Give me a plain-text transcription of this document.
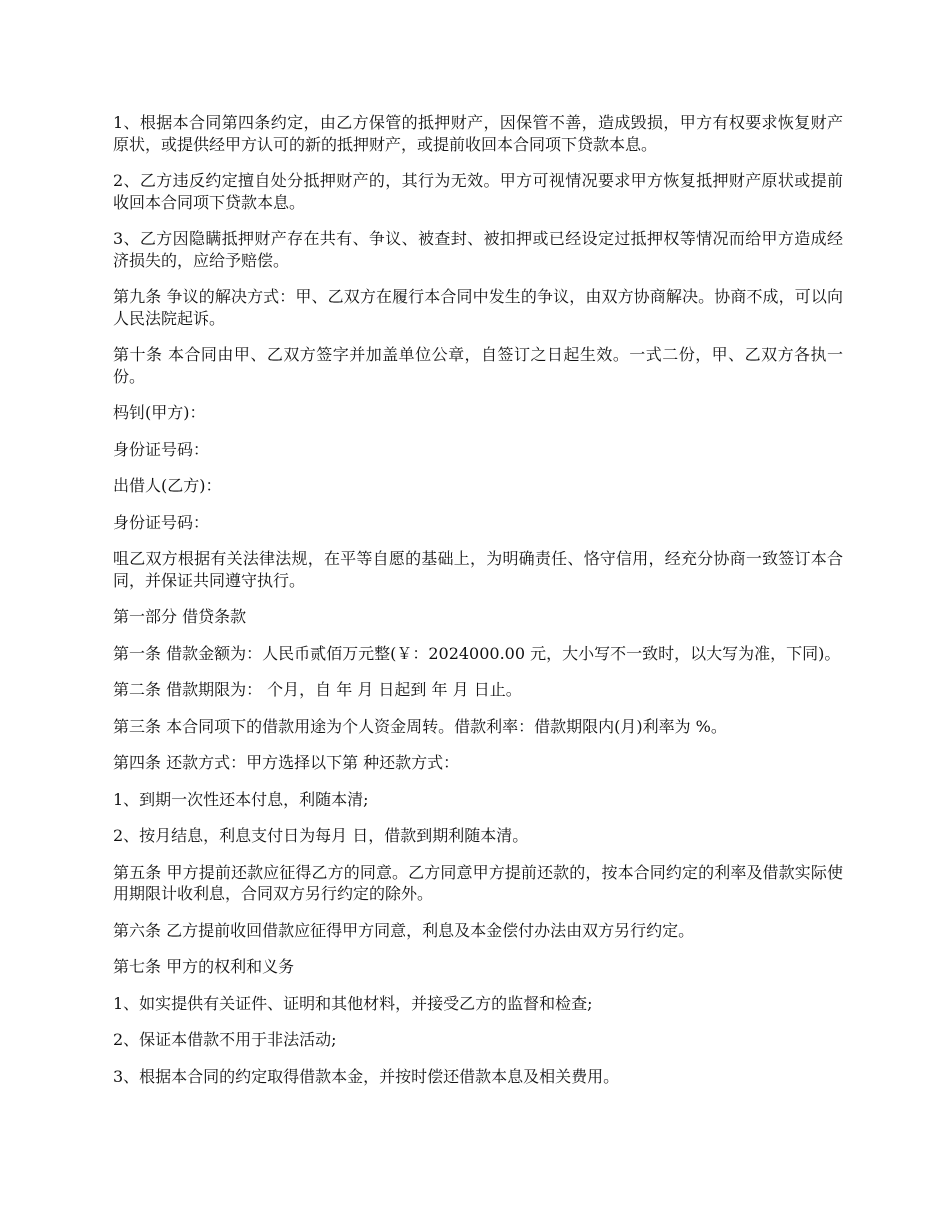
1、根据本合同第四条约定，由乙方保管的抵押财产，因保管不善，造成毁损，甲方有权要求恢复财产原状，或提供经甲方认可的新的抵押财产，或提前收回本合同项下贷款本息。

2、乙方违反约定擅自处分抵押财产的，其行为无效。甲方可视情况要求甲方恢复抵押财产原状或提前收回本合同项下贷款本息。

3、乙方因隐瞒抵押财产存在共有、争议、被查封、被扣押或已经设定过抵押权等情况而给甲方造成经济损失的，应给予赔偿。

第九条 争议的解决方式：甲、乙双方在履行本合同中发生的争议，由双方协商解决。协商不成，可以向人民法院起诉。

第十条 本合同由甲、乙双方签字并加盖单位公章，自签订之日起生效。一式二份，甲、乙双方各执一份。

杩钊(甲方)：

身份证号码：

出借人(乙方)：

身份证号码：

咀乙双方根据有关法律法规，在平等自愿的基础上，为明确责任、恪守信用，经充分协商一致签订本合同，并保证共同遵守执行。

第一部分 借贷条款

第一条 借款金额为：人民币贰佰万元整(￥：2024000.00 元，大小写不一致时，以大写为准，下同)。

第二条 借款期限为： 个月，自 年 月 日起到 年 月 日止。

第三条 本合同项下的借款用途为个人资金周转。借款利率：借款期限内(月)利率为 %。

第四条 还款方式：甲方选择以下第 种还款方式：

1、到期一次性还本付息，利随本清;

2、按月结息，利息支付日为每月 日，借款到期利随本清。

第五条 甲方提前还款应征得乙方的同意。乙方同意甲方提前还款的，按本合同约定的利率及借款实际使用期限计收利息，合同双方另行约定的除外。

第六条 乙方提前收回借款应征得甲方同意，利息及本金偿付办法由双方另行约定。

第七条 甲方的权利和义务

1、如实提供有关证件、证明和其他材料，并接受乙方的监督和检查;

2、保证本借款不用于非法活动;

3、根据本合同的约定取得借款本金，并按时偿还借款本息及相关费用。
